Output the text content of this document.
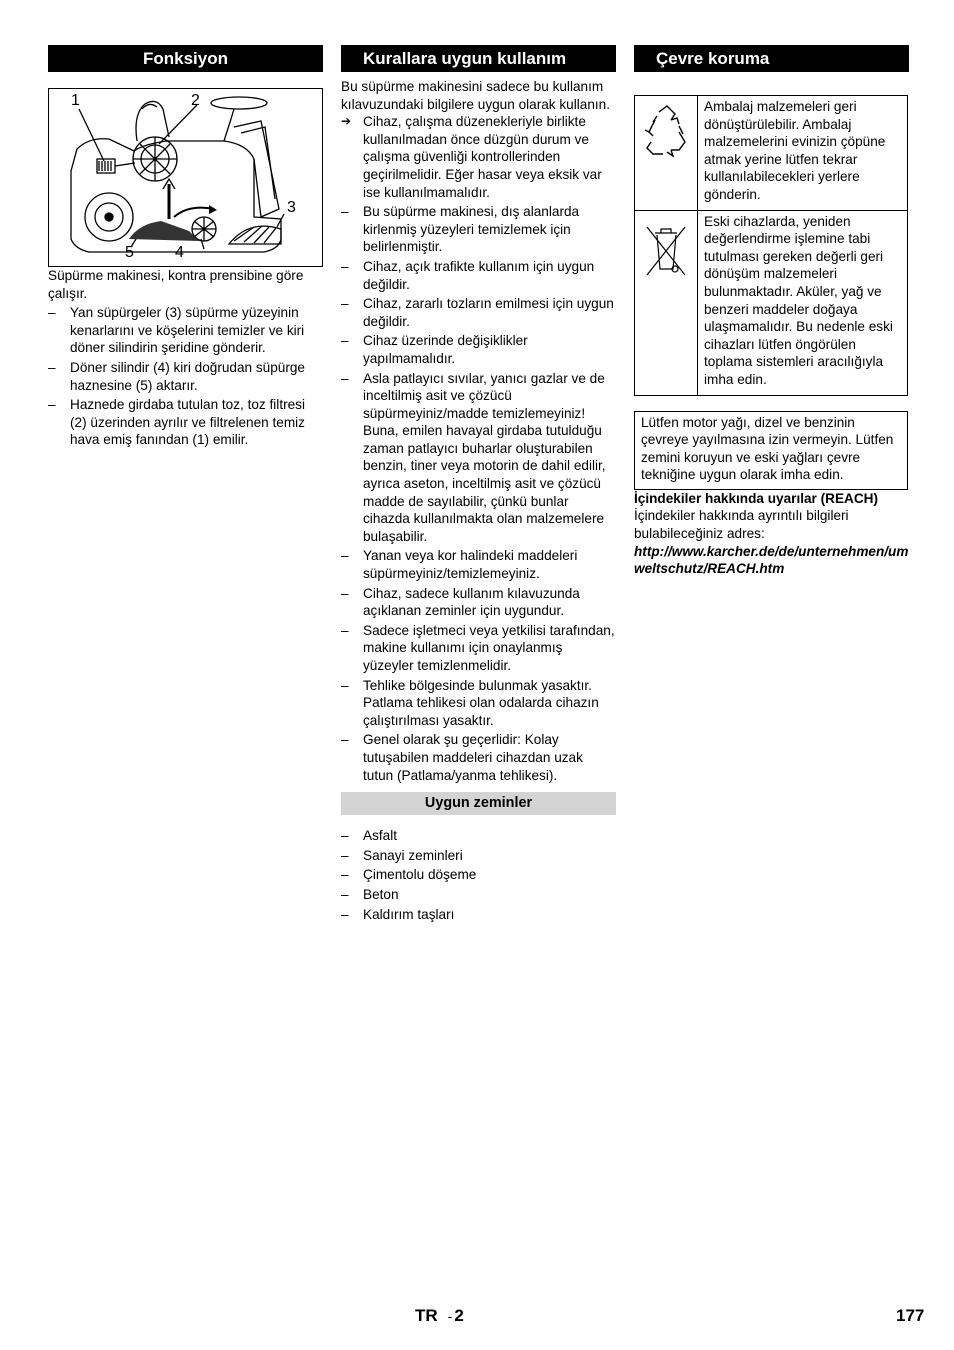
Fonksiyon
1	2
3
4
5

Süpürme makinesi, kontra prensibine göre çalışır.

– Yan süpürgeler (3) süpürme yüzeyinin kenarlarını ve köşelerini temizler ve kiri döner silindirin şeridine gönderir.
– Döner silindir (4) kiri doğrudan süpürge haznesine (5) aktarır.
– Haznede girdaba tutulan toz, toz filtresi (2) üzerinden ayrılır ve filtrelenen temiz hava emiş fanından (1) emilir.
Kurallara uygun kullanım

Bu süpürme makinesini sadece bu kullanım kılavuzundaki bilgilere uygun olarak kullanın.

➔ Cihaz, çalışma düzenekleriyle birlikte kullanılmadan önce düzgün durum ve çalışma güvenliği kontrollerinden geçirilmelidir. Eğer hasar veya eksik var ise kullanılmamalıdır.
– Bu süpürme makinesi, dış alanlarda kirlenmiş yüzeyleri temizlemek için belirlenmiştir.
– Cihaz, açık trafikte kullanım için uygun değildir.
– Cihaz, zararlı tozların emilmesi için uygun değildir.
– Cihaz üzerinde değişiklikler yapılmamalıdır.
– Asla patlayıcı sıvılar, yanıcı gazlar ve de inceltilmiş asit ve çözücü süpürmeyiniz/madde temizlemeyiniz! Buna, emilen havayal girdaba tutulduğu zaman patlayıcı buharlar oluşturabilen benzin, tiner veya motorin de dahil edilir, ayrıca aseton, inceltilmiş asit ve çözücü madde de sayılabilir, çünkü bunlar cihazda kullanılmakta olan malzemelere bulaşabilir.
– Yanan veya kor halindeki maddeleri süpürmeyiniz/temizlemeyiniz.
– Cihaz, sadece kullanım kılavuzunda açıklanan zeminler için uygundur.
– Sadece işletmeci veya yetkilisi tarafından, makine kullanımı için onaylanmış yüzeyler temizlenmelidir.
– Tehlike bölgesinde bulunmak yasaktır. Patlama tehlikesi olan odalarda cihazın çalıştırılması yasaktır.
– Genel olarak şu geçerlidir: Kolay tutuşabilen maddeleri cihazdan uzak tutun (Patlama/yanma tehlikesi).
Uygun zeminler
– Asfalt
– Sanayi zeminleri
– Çimentolu döşeme
– Beton
– Kaldırım taşları
Çevre koruma
	Ambalaj malzemeleri geri dönüştürülebilir. Ambalaj malzemelerini evinizin çöpüne atmak yerine lütfen tekrar kullanılabilecekleri yerlere gönderin.
	Eski cihazlarda, yeniden değerlendirme işlemine tabi tutulması gereken değerli geri dönüşüm malzemeleri bulunmaktadır. Aküler, yağ ve benzeri maddeler doğaya ulaşmamalıdır. Bu nedenle eski cihazları lütfen öngörülen toplama sistemleri aracılığıyla imha edin.

Lütfen motor yağı, dizel ve benzinin çevreye yayılmasına izin vermeyin. Lütfen zemini koruyun ve eski yağları çevre tekniğine uygun olarak imha edin.

İçindekiler hakkında uyarılar (REACH)

İçindekiler hakkında ayrıntılı bilgileri bulabileceğiniz adres:

http://www.karcher.de/de/unternehmen/umweltschutz/REACH.htm

TR - 2	177
